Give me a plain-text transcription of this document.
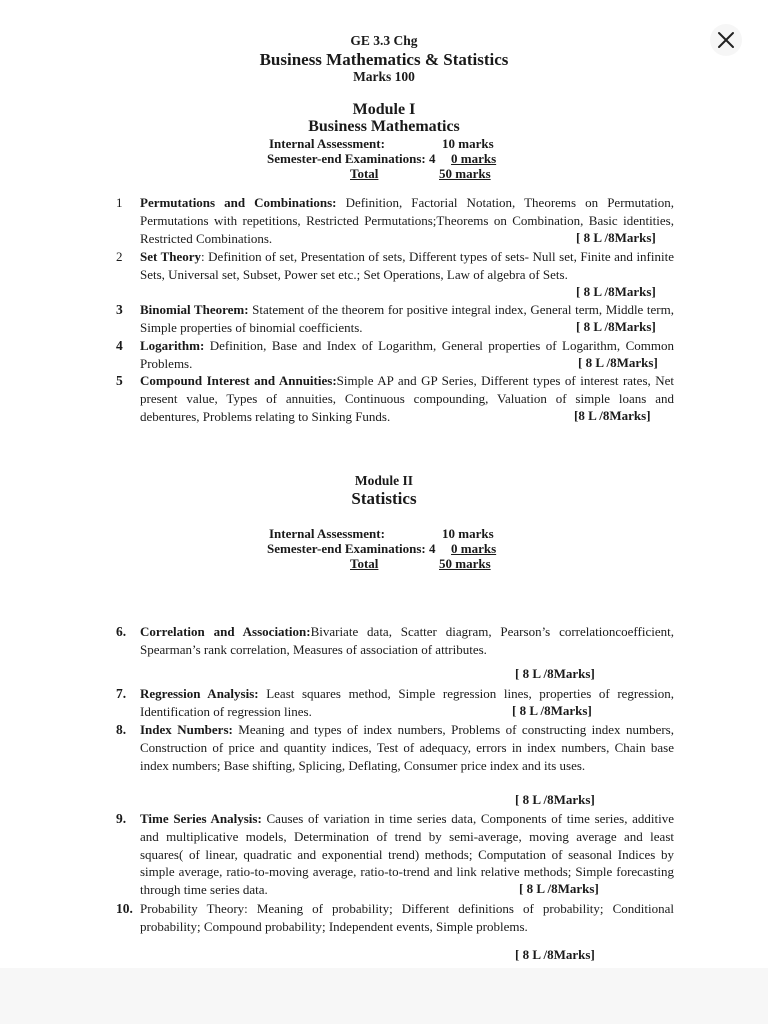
GE 3.3 Chg
Business Mathematics & Statistics
Marks 100
Module I
Business Mathematics
Internal Assessment:	10 marks
Semester-end Examinations: 4 0 marks
Total	50 marks
1 Permutations and Combinations: Definition, Factorial Notation, Theorems on Permutation, Permutations with repetitions, Restricted Permutations;Theorems on Combination, Basic identities, Restricted Combinations.	[ 8 L /8Marks]
2 Set Theory: Definition of set, Presentation of sets, Different types of sets- Null set, Finite and infinite Sets, Universal set, Subset, Power set etc.; Set Operations, Law of algebra of Sets.
[ 8 L /8Marks]
3 Binomial Theorem: Statement of the theorem for positive integral index, General term, Middle term, Simple properties of binomial coefficients.	[ 8 L /8Marks]
4 Logarithm: Definition, Base and Index of Logarithm, General properties of Logarithm, Common Problems.	[ 8 L /8Marks]
5 Compound Interest and Annuities:Simple AP and GP Series, Different types of interest rates, Net present value, Types of annuities, Continuous compounding, Valuation of simple loans and debentures, Problems relating to Sinking Funds.	[8 L /8Marks]
Module II
Statistics
Internal Assessment:	10 marks
Semester-end Examinations: 4 0 marks
Total	50 marks
6. Correlation and Association:Bivariate data, Scatter diagram, Pearson’s correlationcoefficient, Spearman’s rank correlation, Measures of association of attributes.
[ 8 L /8Marks]
7. Regression Analysis: Least squares method, Simple regression lines, properties of regression, Identification of regression lines.	[ 8 L /8Marks]
8. Index Numbers: Meaning and types of index numbers, Problems of constructing index numbers, Construction of price and quantity indices, Test of adequacy, errors in index numbers, Chain base index numbers; Base shifting, Splicing, Deflating, Consumer price index and its uses.
[ 8 L /8Marks]
9. Time Series Analysis: Causes of variation in time series data, Components of time series, additive and multiplicative models, Determination of trend by semi-average, moving average and least squares( of linear, quadratic and exponential trend) methods; Computation of seasonal Indices by simple average, ratio-to-moving average, ratio-to-trend and link relative methods; Simple forecasting through time series data.	[ 8 L /8Marks]
10. Probability Theory: Meaning of probability; Different definitions of probability; Conditional probability; Compound probability; Independent events, Simple problems.
[ 8 L /8Marks]
